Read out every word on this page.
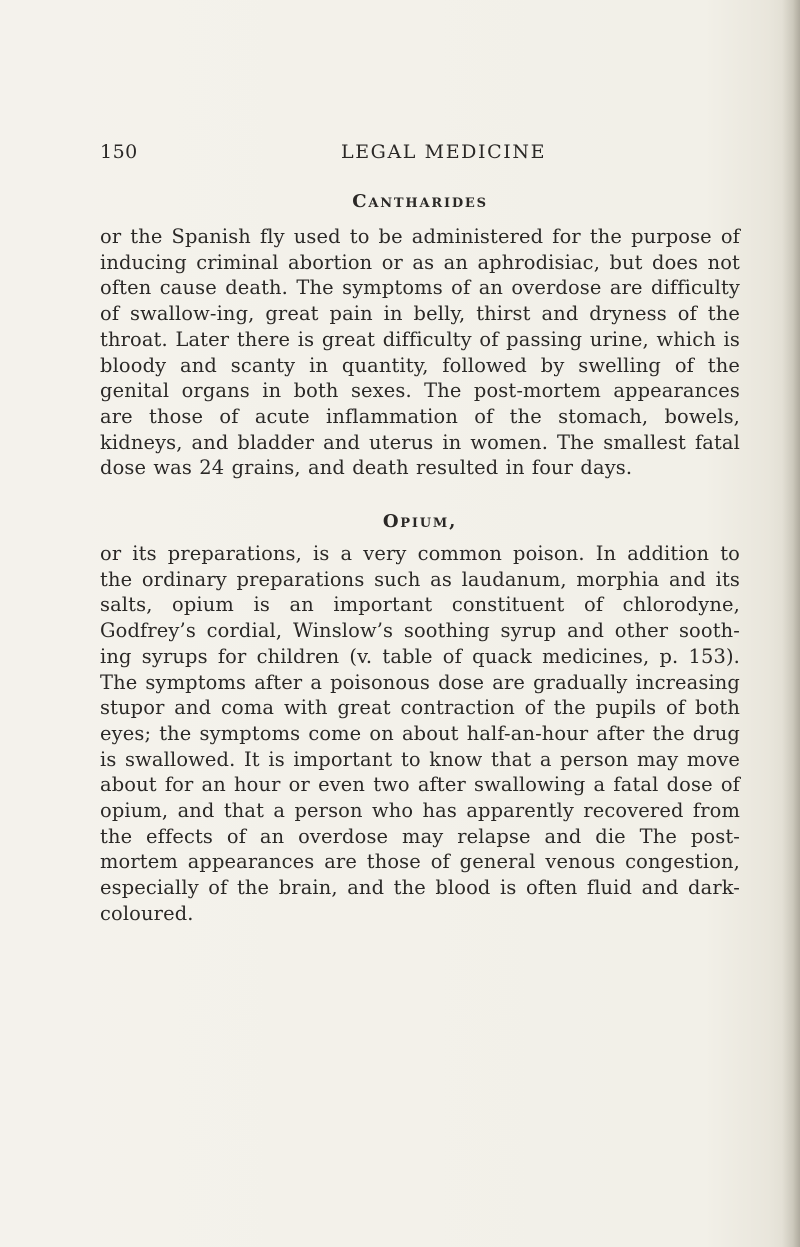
150	LEGAL MEDICINE
Cantharides

or the Spanish fly used to be administered for the purpose of inducing criminal abortion or as an aphrodisiac, but does not often cause death. The symptoms of an overdose are difficulty of swallow-ing, great pain in belly, thirst and dryness of the throat. Later there is great difficulty of passing urine, which is bloody and scanty in quantity, followed by swelling of the genital organs in both sexes. The post-mortem appearances are those of acute inflammation of the stomach, bowels, kidneys, and bladder and uterus in women. The smallest fatal dose was 24 grains, and death resulted in four days.

Opium,

or its preparations, is a very common poison. In addition to the ordinary preparations such as laudanum, morphia and its salts, opium is an important constituent of chlorodyne, Godfrey’s cordial, Winslow’s soothing syrup and other sooth-ing syrups for children (v. table of quack medicines, p. 153). The symptoms after a poisonous dose are gradually increasing stupor and coma with great contraction of the pupils of both eyes; the symptoms come on about half-an-hour after the drug is swallowed. It is important to know that a person may move about for an hour or even two after swallowing a fatal dose of opium, and that a person who has apparently recovered from the effects of an overdose may relapse and die The post-mortem appearances are those of general venous congestion, especially of the brain, and the blood is often fluid and dark-coloured.
